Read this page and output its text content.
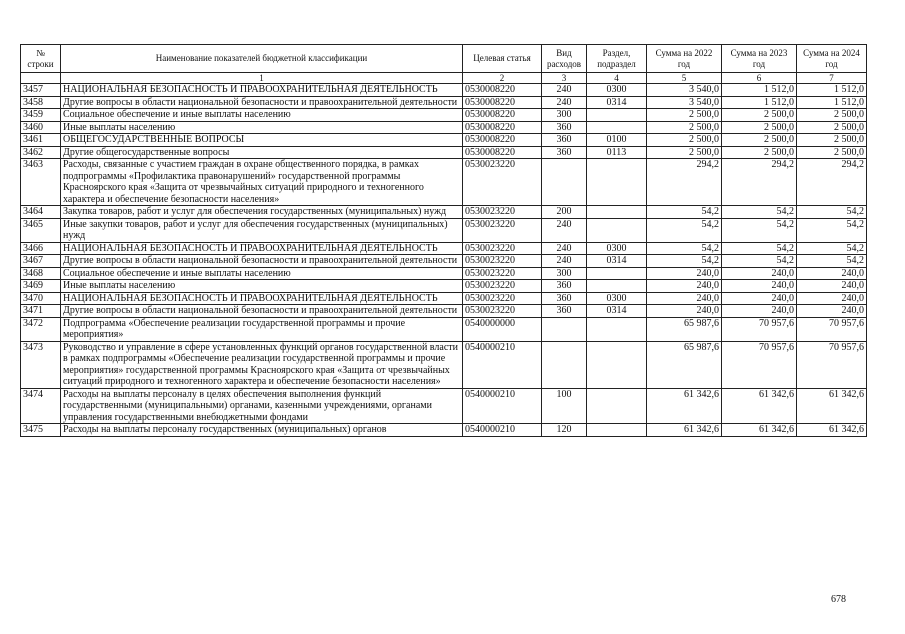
№ строки	Наименование показателей бюджетной классификации	Целевая статья	Вид расходов	Раздел, подраздел	Сумма на 2022 год	Сумма на 2023 год	Сумма на 2024 год
	1	2	3	4	5	6	7
3457	НАЦИОНАЛЬНАЯ БЕЗОПАСНОСТЬ И ПРАВООХРАНИТЕЛЬНАЯ ДЕЯТЕЛЬНОСТЬ	0530008220	240	0300	3 540,0	1 512,0	1 512,0
3458	Другие вопросы в области национальной безопасности и правоохранительной деятельности	0530008220	240	0314	3 540,0	1 512,0	1 512,0
3459	Социальное обеспечение и иные выплаты населению	0530008220	300		2 500,0	2 500,0	2 500,0
3460	Иные выплаты населению	0530008220	360		2 500,0	2 500,0	2 500,0
3461	ОБЩЕГОСУДАРСТВЕННЫЕ ВОПРОСЫ	0530008220	360	0100	2 500,0	2 500,0	2 500,0
3462	Другие общегосударственные вопросы	0530008220	360	0113	2 500,0	2 500,0	2 500,0
3463	Расходы, связанные с участием граждан в охране общественного порядка, в рамках подпрограммы «Профилактика правонарушений» государственной программы Красноярского края «Защита от чрезвычайных ситуаций природного и техногенного характера и обеспечение безопасности населения»	0530023220			294,2	294,2	294,2
3464	Закупка товаров, работ и услуг для обеспечения государственных (муниципальных) нужд	0530023220	200		54,2	54,2	54,2
3465	Иные закупки товаров, работ и услуг для обеспечения государственных (муниципальных) нужд	0530023220	240		54,2	54,2	54,2
3466	НАЦИОНАЛЬНАЯ БЕЗОПАСНОСТЬ И ПРАВООХРАНИТЕЛЬНАЯ ДЕЯТЕЛЬНОСТЬ	0530023220	240	0300	54,2	54,2	54,2
3467	Другие вопросы в области национальной безопасности и правоохранительной деятельности	0530023220	240	0314	54,2	54,2	54,2
3468	Социальное обеспечение и иные выплаты населению	0530023220	300		240,0	240,0	240,0
3469	Иные выплаты населению	0530023220	360		240,0	240,0	240,0
3470	НАЦИОНАЛЬНАЯ БЕЗОПАСНОСТЬ И ПРАВООХРАНИТЕЛЬНАЯ ДЕЯТЕЛЬНОСТЬ	0530023220	360	0300	240,0	240,0	240,0
3471	Другие вопросы в области национальной безопасности и правоохранительной деятельности	0530023220	360	0314	240,0	240,0	240,0
3472	Подпрограмма «Обеспечение реализации государственной программы и прочие мероприятия»	0540000000			65 987,6	70 957,6	70 957,6
3473	Руководство и управление в сфере установленных функций органов государственной власти в рамках подпрограммы «Обеспечение реализации государственной программы и прочие мероприятия» государственной программы Красноярского края «Защита от чрезвычайных ситуаций природного и техногенного характера и обеспечение безопасности населения»	0540000210			65 987,6	70 957,6	70 957,6
3474	Расходы на выплаты персоналу в целях обеспечения выполнения функций государственными (муниципальными) органами, казенными учреждениями, органами управления государственными внебюджетными фондами	0540000210	100		61 342,6	61 342,6	61 342,6
3475	Расходы на выплаты персоналу государственных (муниципальных) органов	0540000210	120		61 342,6	61 342,6	61 342,6
678
